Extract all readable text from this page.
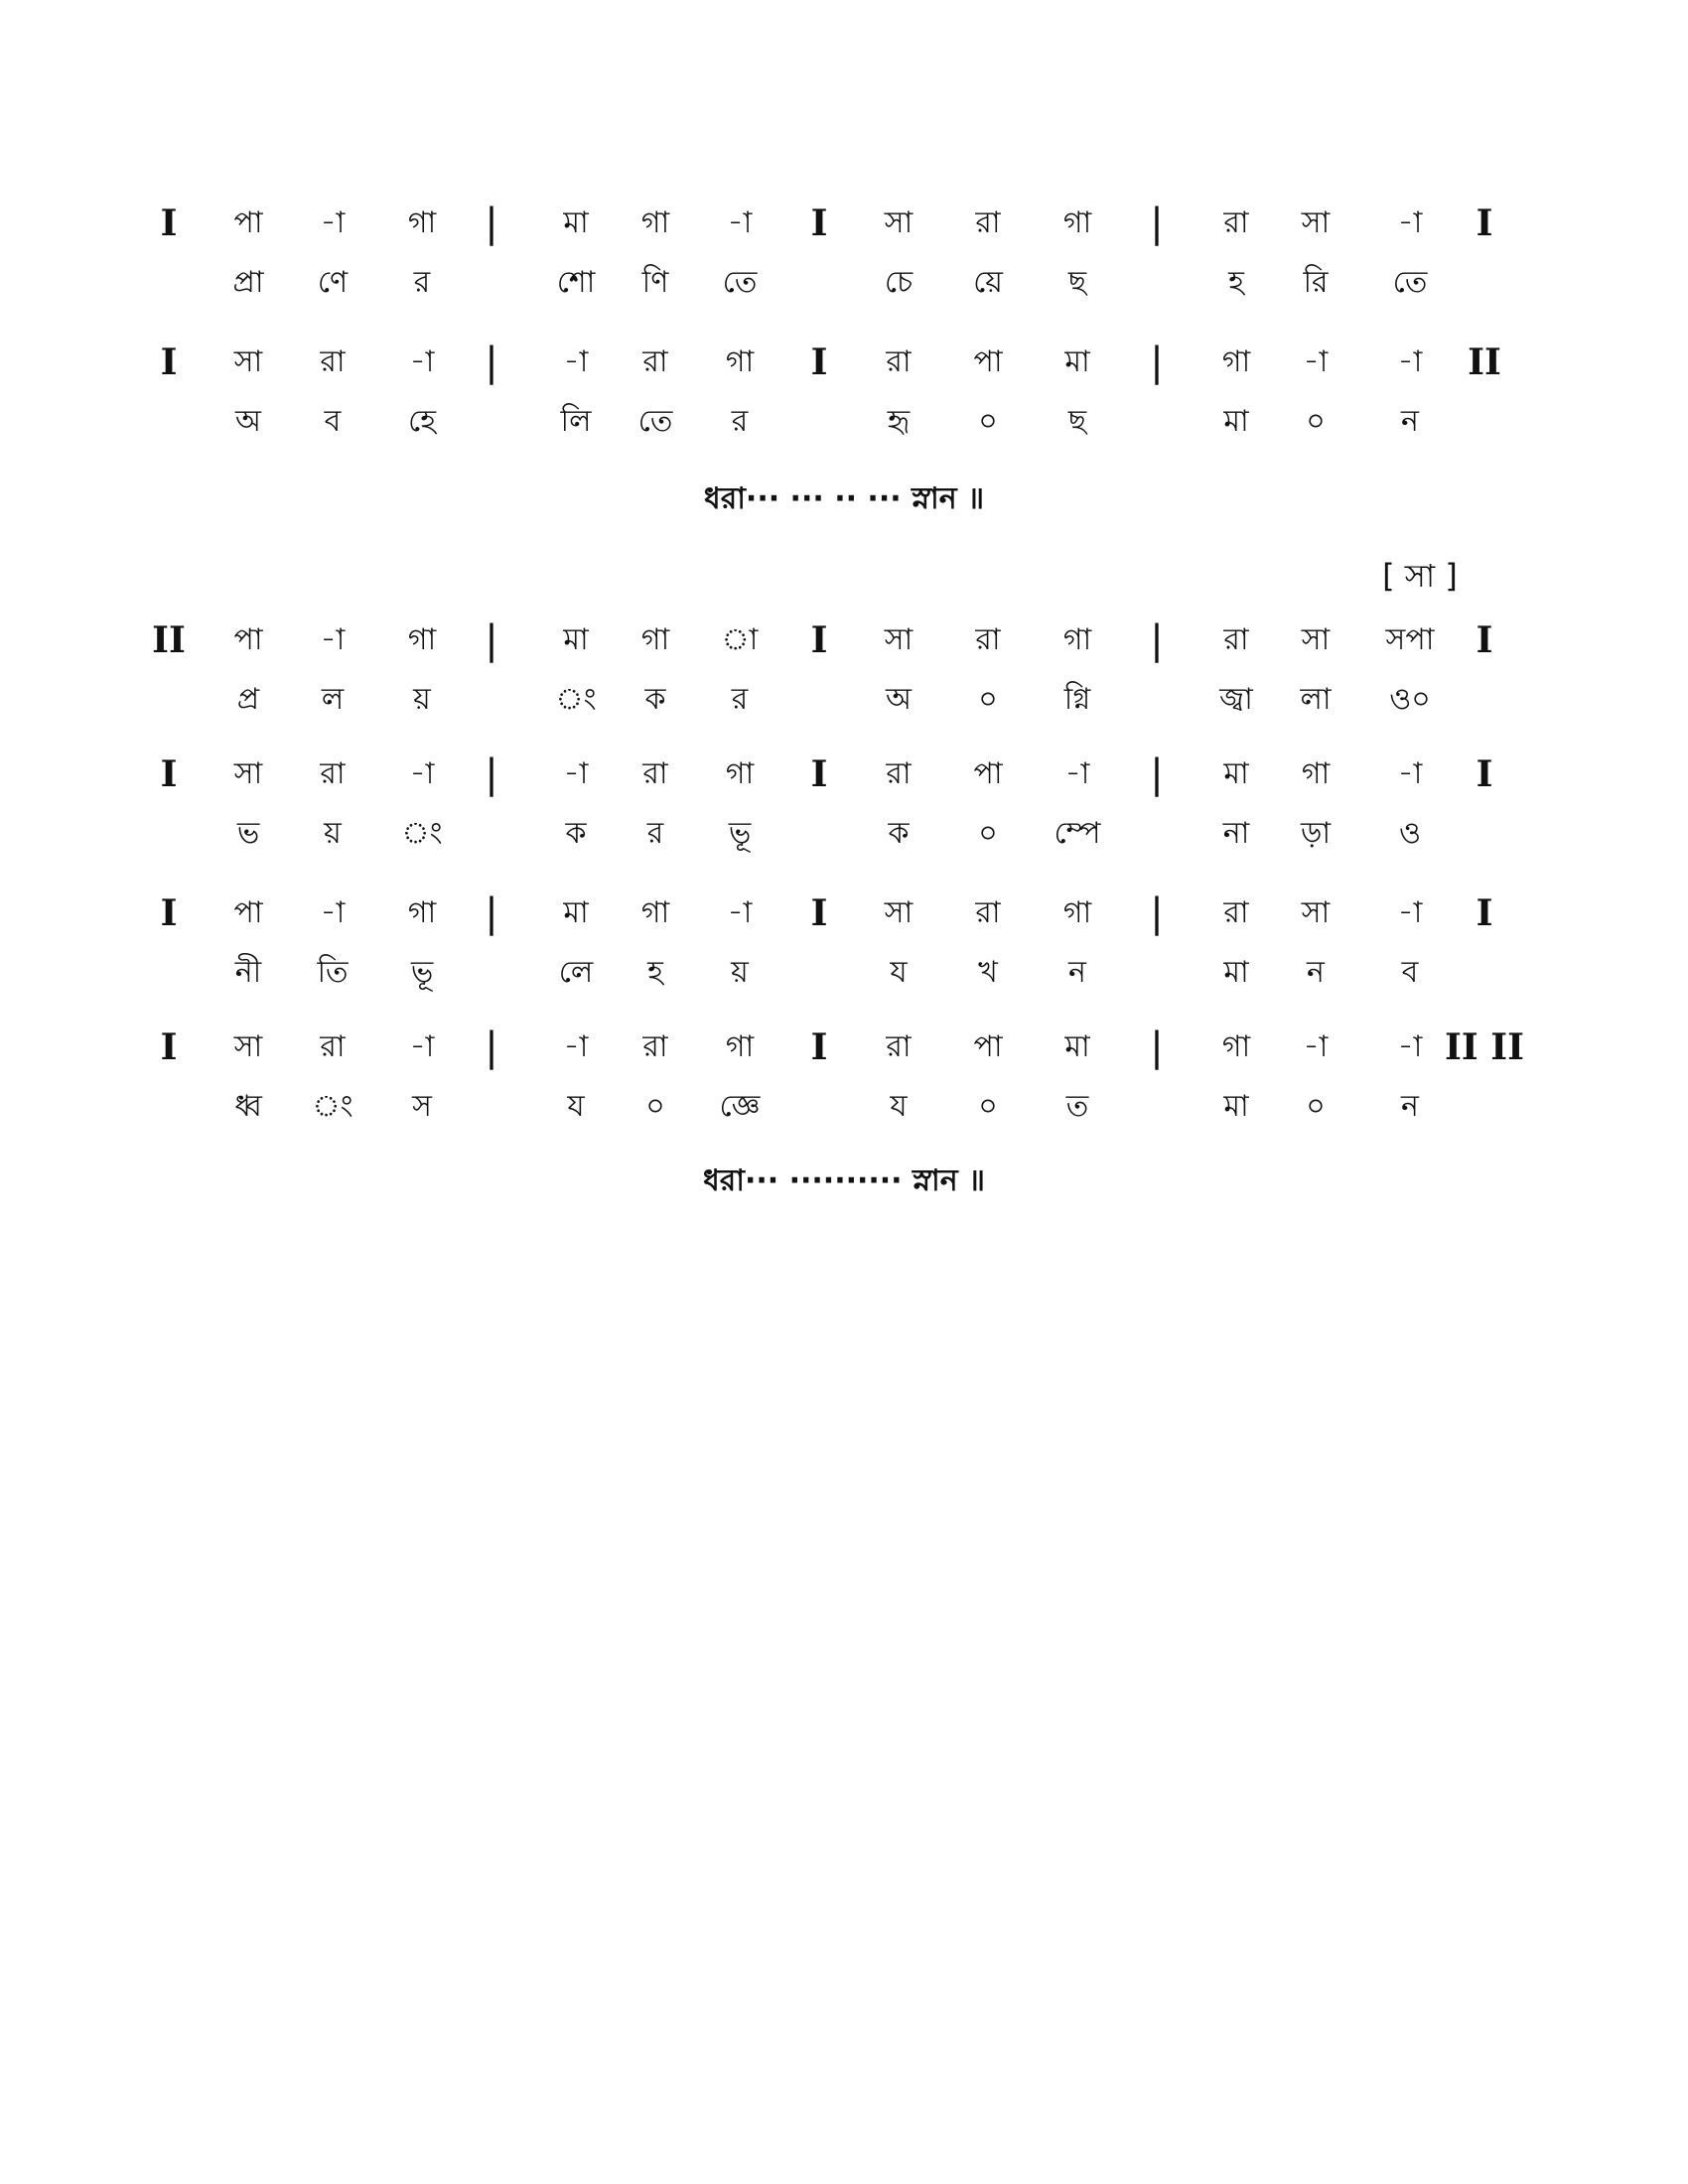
I	পা	-া	গা	|	মা	গা	-া	I	সা	রা	গা	|	রা	সা	-া	I
প্রা	ণে	র	শো	ণি	তে	চে	য়ে	ছ	হ	রি	তে
I	সা	রা	-া	|	-া	রা	গা	I	রা	পা	মা	|	গা	-া	-া	II
অ	ব	হে	লি	তে	র	হৃ	০	ছ	মা	০	ন
ধরা··· ··· ·· ··· স্নান ॥
[ সা ]
II	পা	-া	গা	|	মা	গা	া	I	সা	রা	গা	|	রা	সা	সপা	I
প্র	ল	য়	ং	ক	র	অ	০	গ্নি	জ্বা	লা	ও০
I	সা	রা	-া	|	-া	রা	গা	I	রা	পা	-া	|	মা	গা	-া	I
ভ	য়	ং	ক	র	ভূ	ক	০	ম্পে	না	ড়া	ও
I	পা	-া	গা	|	মা	গা	-া	I	সা	রা	গা	|	রা	সা	-া	I
নী	তি	ভূ	লে	হ	য়	য	খ	ন	মা	ন	ব
I	সা	রা	-া	|	-া	রা	গা	I	রা	পা	মা	|	গা	-া	-া II II
ধ্ব	ং	স	য	০	জ্ঞে	য	০	ত	মা	০	ন
ধরা··· ·········· স্নান ॥
